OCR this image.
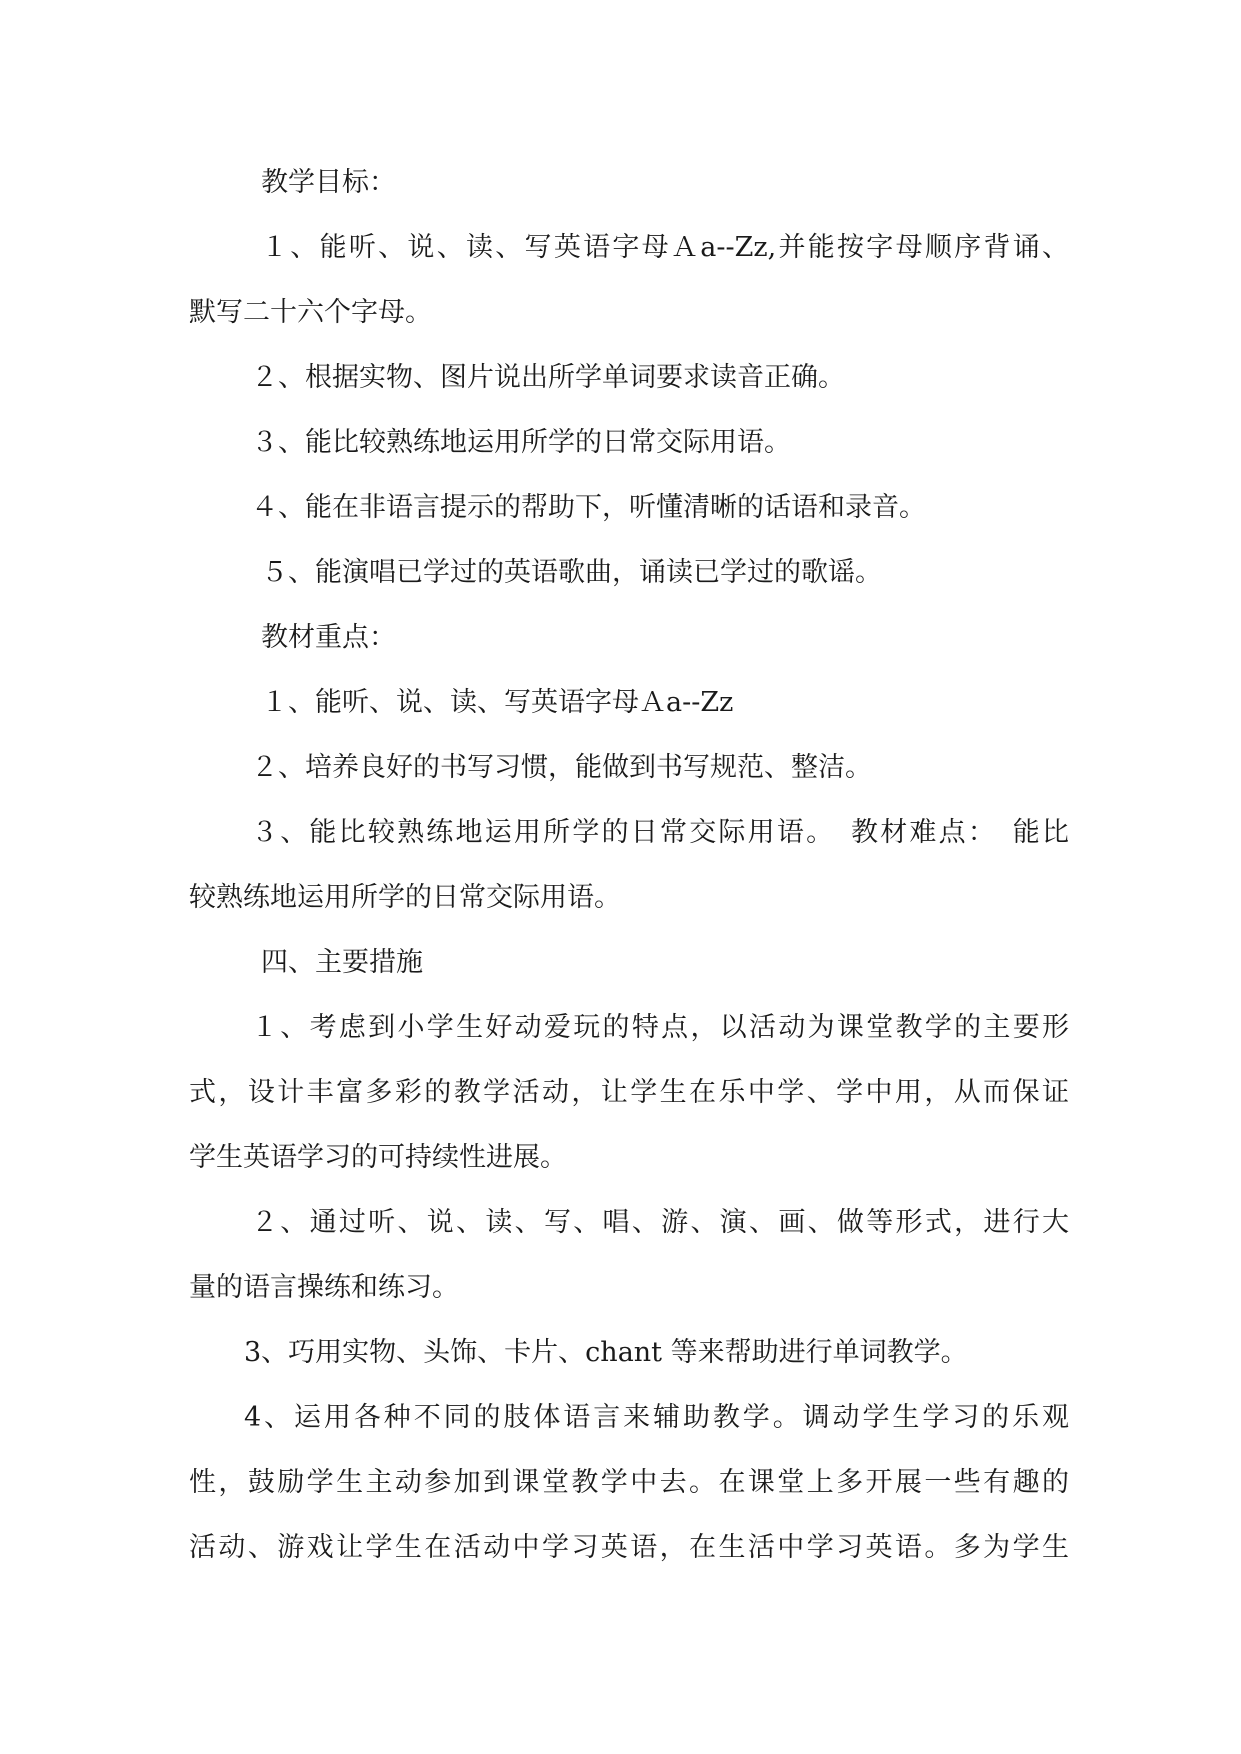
教学目标：
１、能听、说、读、写英语字母Ａa--Zz,并能按字母顺序背诵、
默写二十六个字母。
２、根据实物、图片说出所学单词要求读音正确。
３、能比较熟练地运用所学的日常交际用语。
４、能在非语言提示的帮助下，听懂清晰的话语和录音。
５、能演唱已学过的英语歌曲，诵读已学过的歌谣。
教材重点：
１、能听、说、读、写英语字母Ａa--Zz
２、培养良好的书写习惯，能做到书写规范、整洁。
３、能比较熟练地运用所学的日常交际用语。　教材难点：　能比
较熟练地运用所学的日常交际用语。
四、主要措施
１、考虑到小学生好动爱玩的特点，以活动为课堂教学的主要形
式，设计丰富多彩的教学活动，让学生在乐中学、学中用，从而保证
学生英语学习的可持续性进展。
２、通过听、说、读、写、唱、游、演、画、做等形式，进行大
量的语言操练和练习。
3、巧用实物、头饰、卡片、chant 等来帮助进行单词教学。
4、运用各种不同的肢体语言来辅助教学。调动学生学习的乐观
性，鼓励学生主动参加到课堂教学中去。在课堂上多开展一些有趣的
活动、游戏让学生在活动中学习英语，在生活中学习英语。多为学生
